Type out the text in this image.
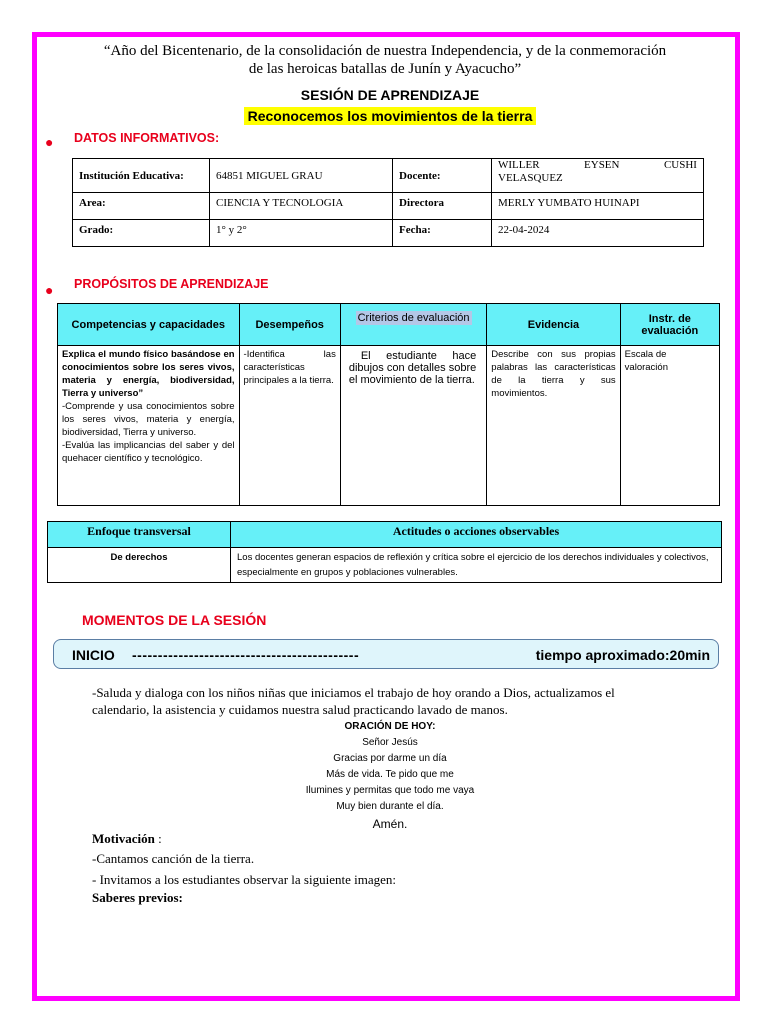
“Año del Bicentenario, de la consolidación de nuestra Independencia, y de la conmemoración
de las heroicas batallas de Junín y Ayacucho”
SESIÓN DE APRENDIZAJE
Reconocemos los movimientos de la tierra
● DATOS INFORMATIVOS:
Institución Educativa:	64851 MIGUEL GRAU	Docente:	WILLER EYSEN CUSHI
VELASQUEZ

Area:	CIENCIA Y TECNOLOGIA	Directora	MERLY YUMBATO HUINAPI
Grado:	1° y 2°	Fecha:	22-04-2024
● PROPÓSITOS DE APRENDIZAJE
Competencias y capacidades	Desempeños	Criterios de evaluación	Evidencia	Instr. de evaluación

Explica el mundo físico basándose en conocimientos sobre los seres vivos, materia y energía, biodiversidad, Tierra y universo”
-Comprende y usa conocimientos sobre los seres vivos, materia y energía, biodiversidad, Tierra y universo.
-Evalúa las implicancias del saber y del quehacer científico y tecnológico.	-Identifica las características principales a la tierra.	El estudiante hace dibujos con detalles sobre el movimiento de la tierra.	Describe con sus propias palabras las características de la tierra y sus movimientos.	Escala de valoración
Enfoque transversal	Actitudes o acciones observables
De derechos	Los docentes generan espacios de reflexión y crítica sobre el ejercicio de los derechos individuales y colectivos, especialmente en grupos y poblaciones vulnerables.
MOMENTOS DE LA SESIÓN
INICIO --------------------------------------------	tiempo aproximado:20min
-Saluda y dialoga con los niños niñas que iniciamos el trabajo de hoy orando a Dios, actualizamos el
calendario, la asistencia y cuidamos nuestra salud practicando lavado de manos.
ORACIÓN DE HOY:
Señor Jesús
Gracias por darme un día
Más de vida. Te pido que me
Ilumines y permitas que todo me vaya
Muy bien durante el día.
Amén.
Motivación :
-Cantamos canción de la tierra.
- Invitamos a los estudiantes observar la siguiente imagen:
Saberes previos:
